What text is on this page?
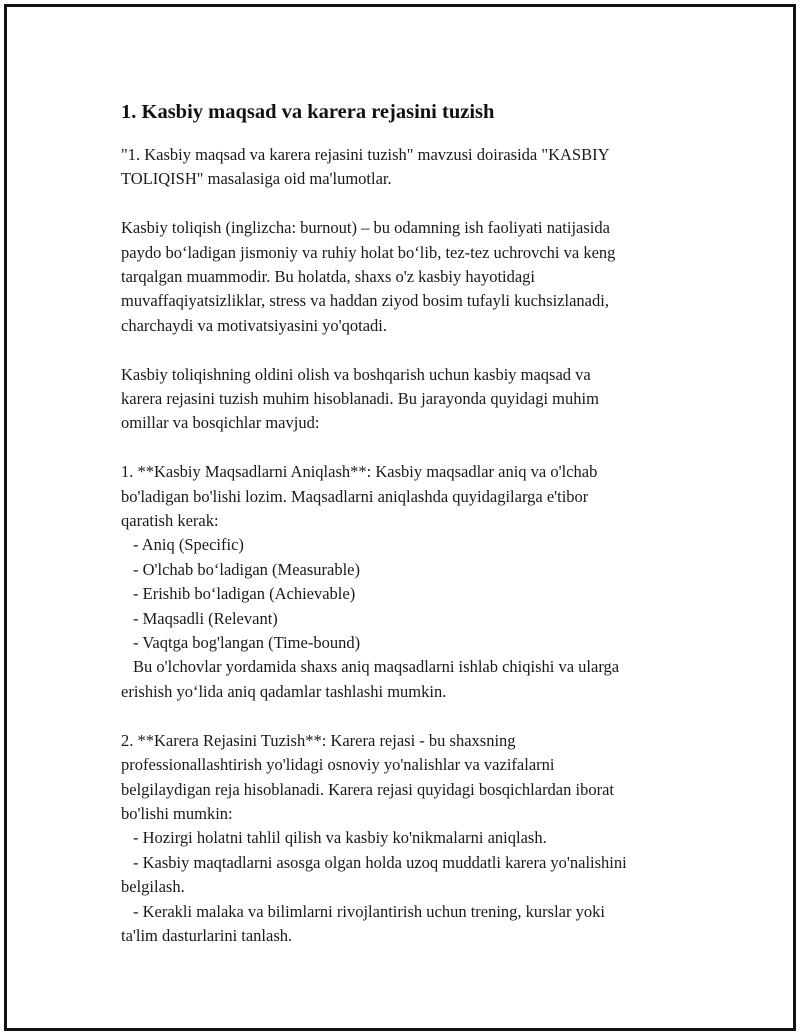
1. Kasbiy maqsad va karera rejasini tuzish

"1. Kasbiy maqsad va karera rejasini tuzish" mavzusi doirasida "KASBIY
TOLIQISH" masalasiga oid ma'lumotlar.

Kasbiy toliqish (inglizcha: burnout) – bu odamning ish faoliyati natijasida
paydo bo‘ladigan jismoniy va ruhiy holat bo‘lib, tez-tez uchrovchi va keng
tarqalgan muammodir. Bu holatda, shaxs o'z kasbiy hayotidagi
muvaffaqiyatsizliklar, stress va haddan ziyod bosim tufayli kuchsizlanadi,
charchaydi va motivatsiyasini yo'qotadi.

Kasbiy toliqishning oldini olish va boshqarish uchun kasbiy maqsad va
karera rejasini tuzish muhim hisoblanadi. Bu jarayonda quyidagi muhim
omillar va bosqichlar mavjud:

1. **Kasbiy Maqsadlarni Aniqlash**: Kasbiy maqsadlar aniq va o'lchab
bo'ladigan bo'lishi lozim. Maqsadlarni aniqlashda quyidagilarga e'tibor
qaratish kerak:
- Aniq (Specific)
- O'lchab bo‘ladigan (Measurable)
- Erishib bo‘ladigan (Achievable)
- Maqsadli (Relevant)
- Vaqtga bog'langan (Time-bound)
Bu o'lchovlar yordamida shaxs aniq maqsadlarni ishlab chiqishi va ularga
erishish yo‘lida aniq qadamlar tashlashi mumkin.

2. **Karera Rejasini Tuzish**: Karera rejasi - bu shaxsning
professionallashtirish yo'lidagi osnoviy yo'nalishlar va vazifalarni
belgilaydigan reja hisoblanadi. Karera rejasi quyidagi bosqichlardan iborat
bo'lishi mumkin:
- Hozirgi holatni tahlil qilish va kasbiy ko'nikmalarni aniqlash.
- Kasbiy maqtadlarni asosga olgan holda uzoq muddatli karera yo'nalishini
belgilash.
- Kerakli malaka va bilimlarni rivojlantirish uchun trening, kurslar yoki
ta'lim dasturlarini tanlash.
